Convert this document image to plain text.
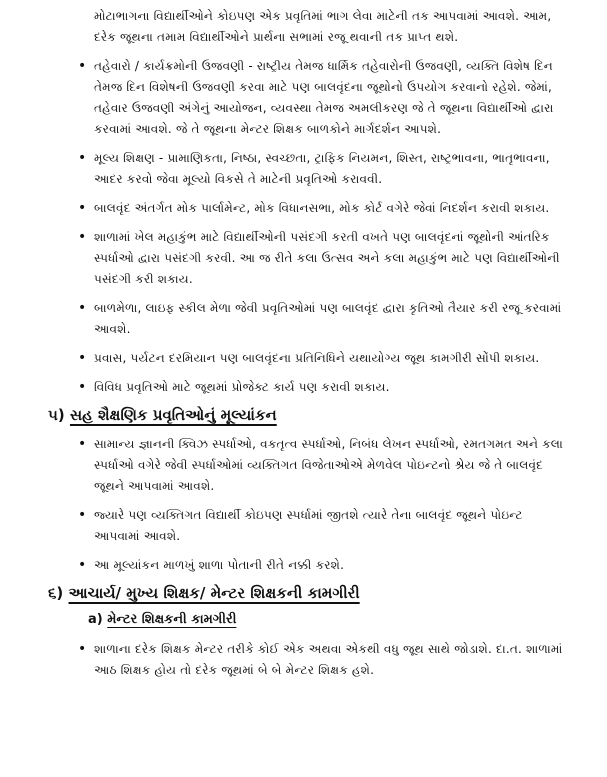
મોટાભાગના વિદ્યાર્થીઓને કોઇપણ એક પ્રવૃતિમાં ભાગ લેવા માટેની તક આપવામાં આવશે. આમ, દરેક જૂથના તમામ વિદ્યાર્થીઓને પ્રાર્થના સભામાં રજૂ થવાની તક પ્રાપ્ત થશે.
• તહેવારો / કાર્યક્રમોની ઉજવણી - રાષ્ટ્રીય તેમજ ધાર્મિક તહેવારોની ઉજવણી, વ્યક્તિ વિશેષ દિન તેમજ દિન વિશેષની ઉજવણી કરવા માટે પણ બાલવૃંદના જૂથોનો ઉપયોગ કરવાનો રહેશે. જેમાં, તહેવાર ઉજવણી અંગેનું આયોજન, વ્યવસ્થા તેમજ અમલીકરણ જે તે જૂથના વિદ્યાર્થીઓ દ્વારા કરવામાં આવશે. જે તે જૂથના મેન્ટર શિક્ષક બાળકોને માર્ગદર્શન આપશે.
• મૂલ્ય શિક્ષણ - પ્રામાણિકતા, નિષ્ઠા, સ્વચ્છતા, ટ્રાફિક નિયમન, શિસ્ત, રાષ્ટ્રભાવના, ભાતૃભાવના, આદર કરવો જેવા મૂલ્યો વિકસે તે માટેની પ્રવૃતિઓ કરાવવી.
• બાલવૃંદ અંતર્ગત મોક પાર્લામેન્ટ, મોક વિધાનસભા, મોક કોર્ટ વગેરે જેવાં નિદર્શન કરાવી શકાય.
• શાળામાં ખેલ મહાકુંભ માટે વિદ્યાર્થીઓની પસંદગી કરતી વખતે પણ બાલવૃંદનાં જૂથોની આંતરિક સ્પર્ધાઓ દ્વારા પસંદગી કરવી. આ જ રીતે કલા ઉત્સવ અને કલા મહાકુંભ માટે પણ વિદ્યાર્થીઓની પસંદગી કરી શકાય.
• બાળમેળા, લાઇફ સ્કીલ મેળા જેવી પ્રવૃતિઓમાં પણ બાલવૃંદ દ્વારા કૃતિઓ તૈયાર કરી રજૂ કરવામાં આવશે.
• પ્રવાસ, પર્યટન દરમિયાન પણ બાલવૃંદના પ્રતિનિધિને યથાયોગ્ય જૂથ કામગીરી સોંપી શકાય.
• વિવિધ પ્રવૃતિઓ માટે જૂથમાં પ્રોજેક્ટ કાર્ય પણ કરાવી શકાય.
૫) સહ શૈક્ષણિક પ્રવૃતિઓનું મૂલ્યાંકન
• સામાન્ય જ્ઞાનની ક્વિઝ સ્પર્ધાઓ, વકતૃત્વ સ્પર્ધાઓ, નિબંધ લેખન સ્પર્ધાઓ, રમતગમત અને કલા સ્પર્ધાઓ વગેરે જેવી સ્પર્ધાઓમાં વ્યક્તિગત વિજેતાઓએ મેળવેલ પોઇન્ટનો શ્રેય જે તે બાલવૃંદ જૂથને આપવામાં આવશે.
• જ્યારે પણ વ્યક્તિગત વિદ્યાર્થી કોઇપણ સ્પર્ધામાં જીતશે ત્યારે તેના બાલવૃંદ જૂથને પોઇન્ટ આપવામાં આવશે.
• આ મૂલ્યાંકન માળખું શાળા પોતાની રીતે નક્કી કરશે.
૬) આચાર્ય/ મુખ્ય શિક્ષક/ મેન્ટર શિક્ષકની કામગીરી
a) મેન્ટર શિક્ષકની કામગીરી
• શાળાના દરેક શિક્ષક મેન્ટર તરીકે કોઈ એક અથવા એકથી વધુ જૂથ સાથે જોડાશે. દા.ત. શાળામાં આઠ શિક્ષક હોય તો દરેક જૂથમાં બે બે મેન્ટર શિક્ષક હશે.
